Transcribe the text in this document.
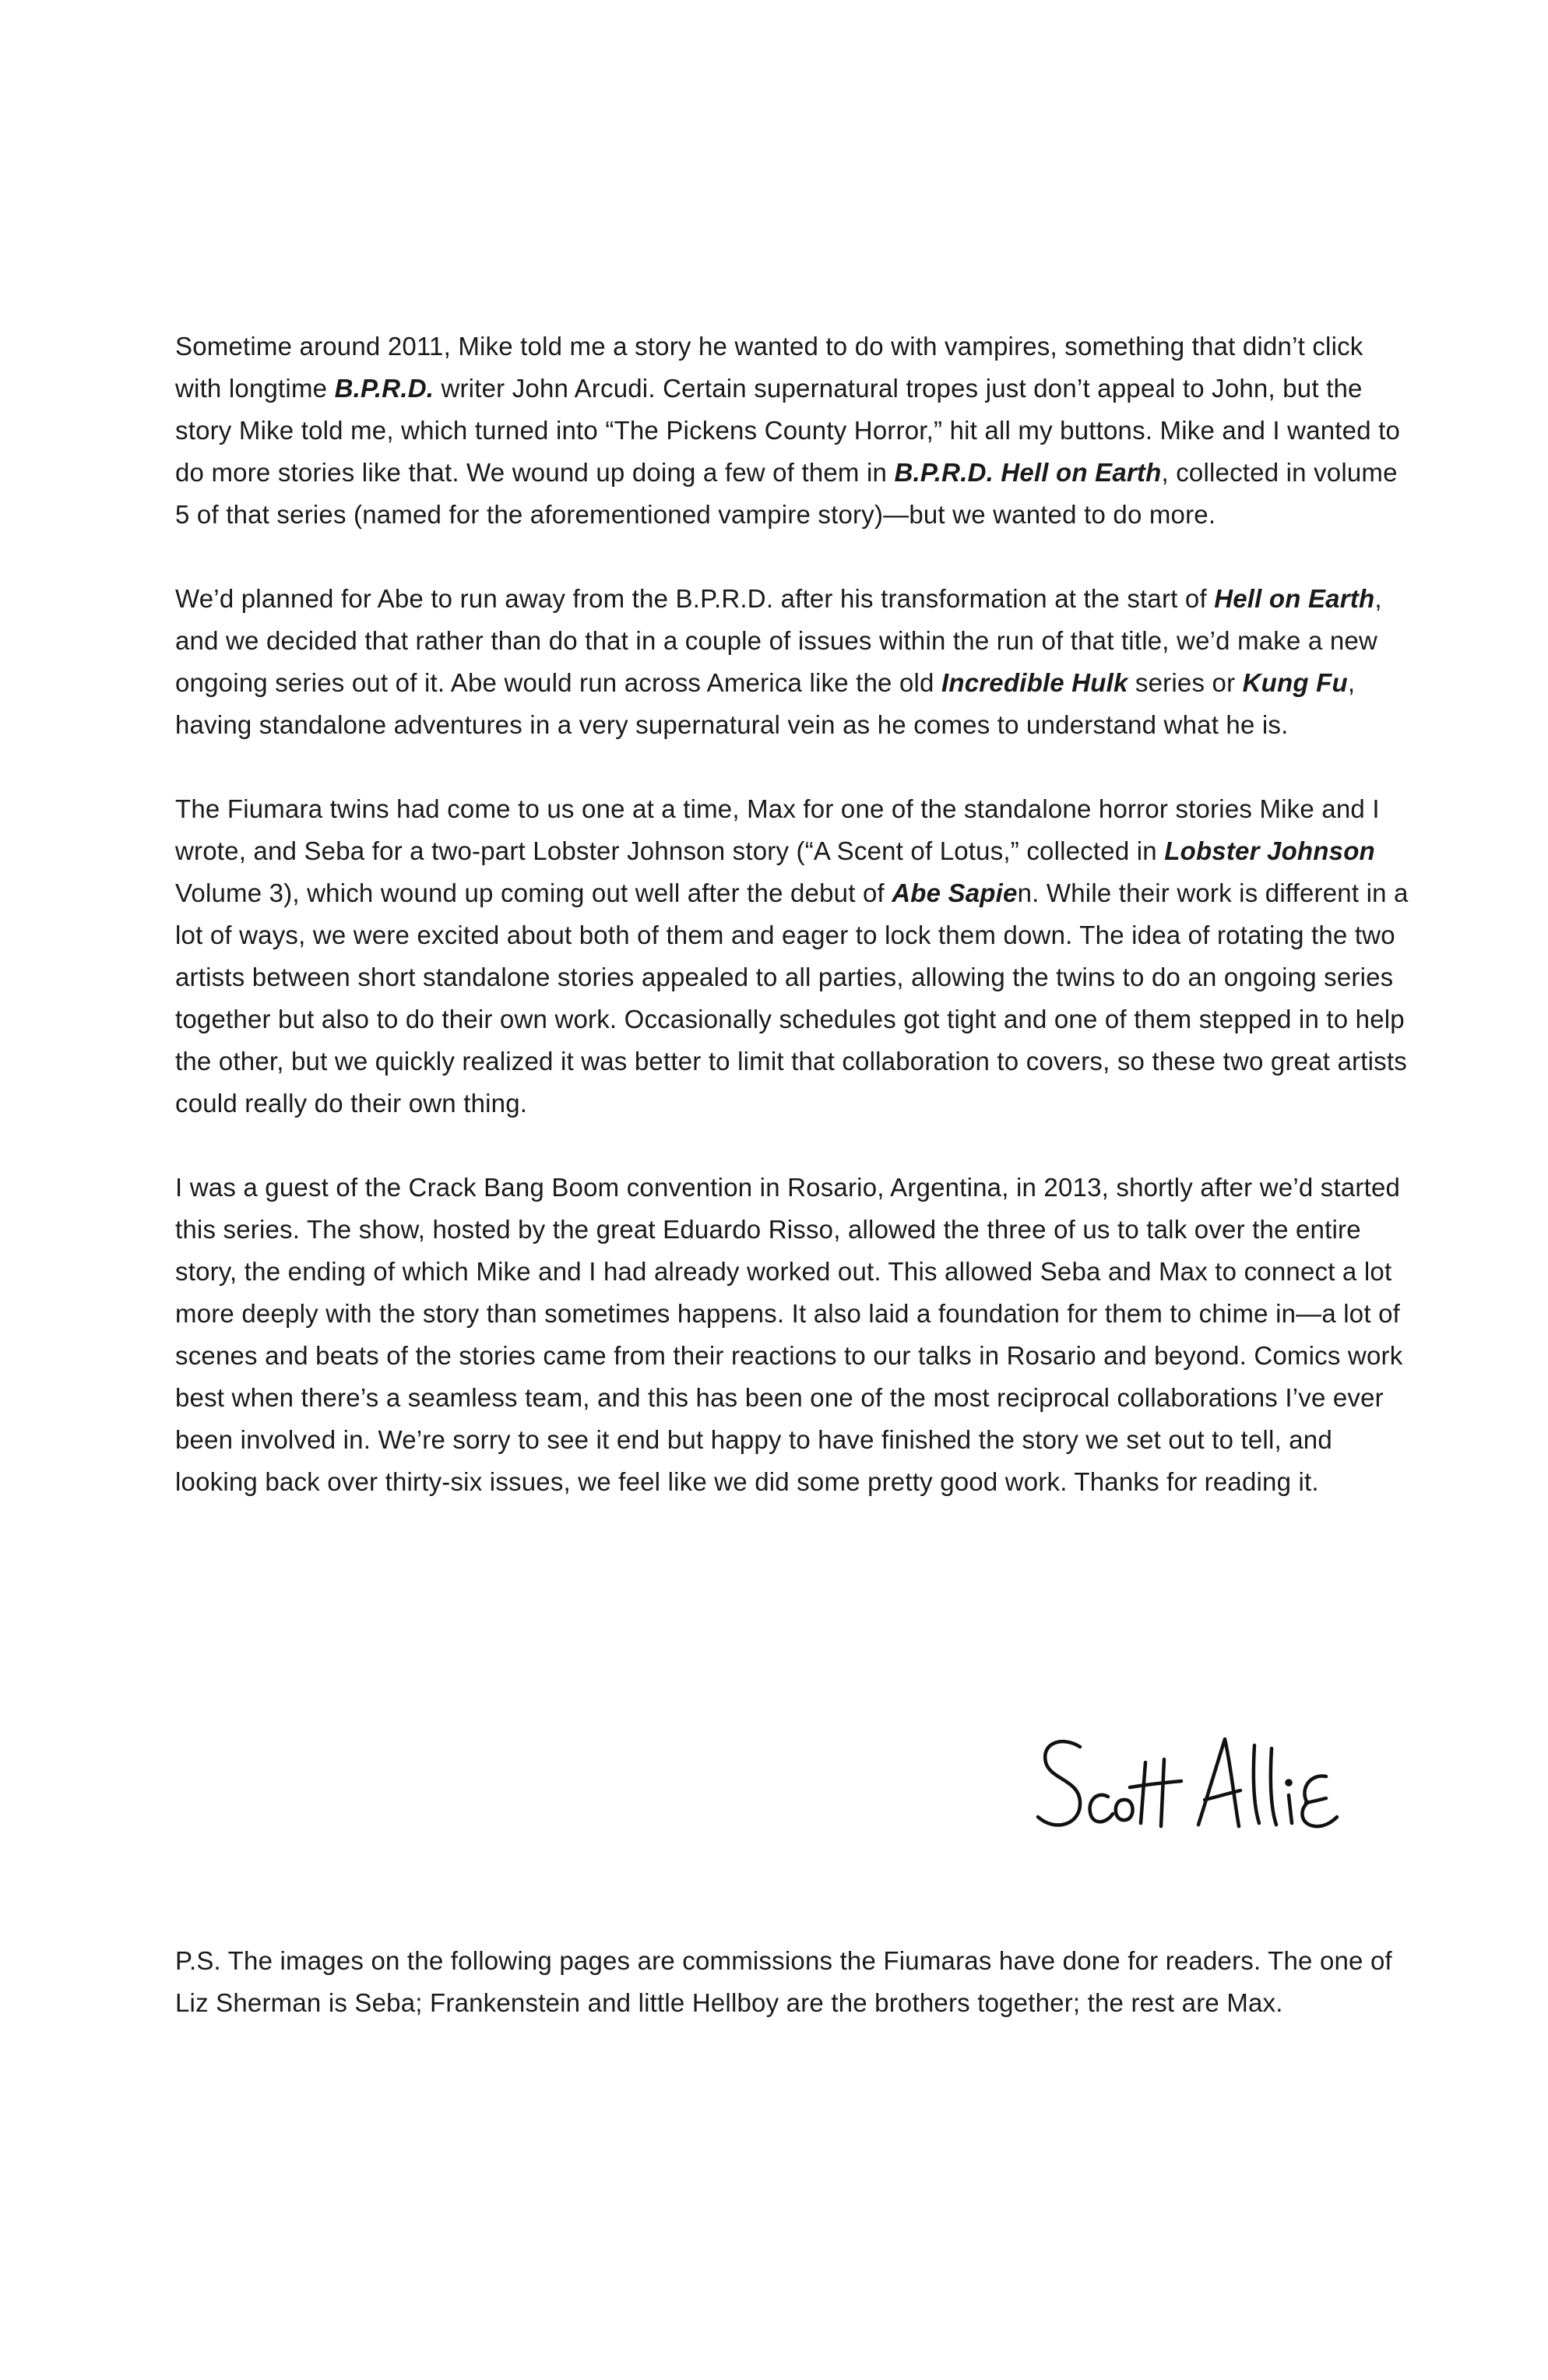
Sometime around 2011, Mike told me a story he wanted to do with vampires, something that didn’t click with longtime B.P.R.D. writer John Arcudi. Certain supernatural tropes just don’t appeal to John, but the story Mike told me, which turned into “The Pickens County Horror,” hit all my buttons. Mike and I wanted to do more stories like that. We wound up doing a few of them in B.P.R.D. Hell on Earth, collected in volume 5 of that series (named for the aforementioned vampire story)—but we wanted to do more.

We’d planned for Abe to run away from the B.P.R.D. after his transformation at the start of Hell on Earth, and we decided that rather than do that in a couple of issues within the run of that title, we’d make a new ongoing series out of it. Abe would run across America like the old Incredible Hulk series or Kung Fu, having standalone adventures in a very supernatural vein as he comes to understand what he is.

The Fiumara twins had come to us one at a time, Max for one of the standalone horror stories Mike and I wrote, and Seba for a two-part Lobster Johnson story (“A Scent of Lotus,” collected in Lobster Johnson Volume 3), which wound up coming out well after the debut of Abe Sapien. While their work is different in a lot of ways, we were excited about both of them and eager to lock them down. The idea of rotating the two artists between short standalone stories appealed to all parties, allowing the twins to do an ongoing series together but also to do their own work. Occasionally schedules got tight and one of them stepped in to help the other, but we quickly realized it was better to limit that collaboration to covers, so these two great artists could really do their own thing.

I was a guest of the Crack Bang Boom convention in Rosario, Argentina, in 2013, shortly after we’d started this series. The show, hosted by the great Eduardo Risso, allowed the three of us to talk over the entire story, the ending of which Mike and I had already worked out. This allowed Seba and Max to connect a lot more deeply with the story than sometimes happens. It also laid a foundation for them to chime in—a lot of scenes and beats of the stories came from their reactions to our talks in Rosario and beyond. Comics work best when there’s a seamless team, and this has been one of the most reciprocal collaborations I’ve ever been involved in. We’re sorry to see it end but happy to have finished the story we set out to tell, and looking back over thirty-six issues, we feel like we did some pretty good work. Thanks for reading it.

P.S. The images on the following pages are commissions the Fiumaras have done for readers. The one of Liz Sherman is Seba; Frankenstein and little Hellboy are the brothers together; the rest are Max.
